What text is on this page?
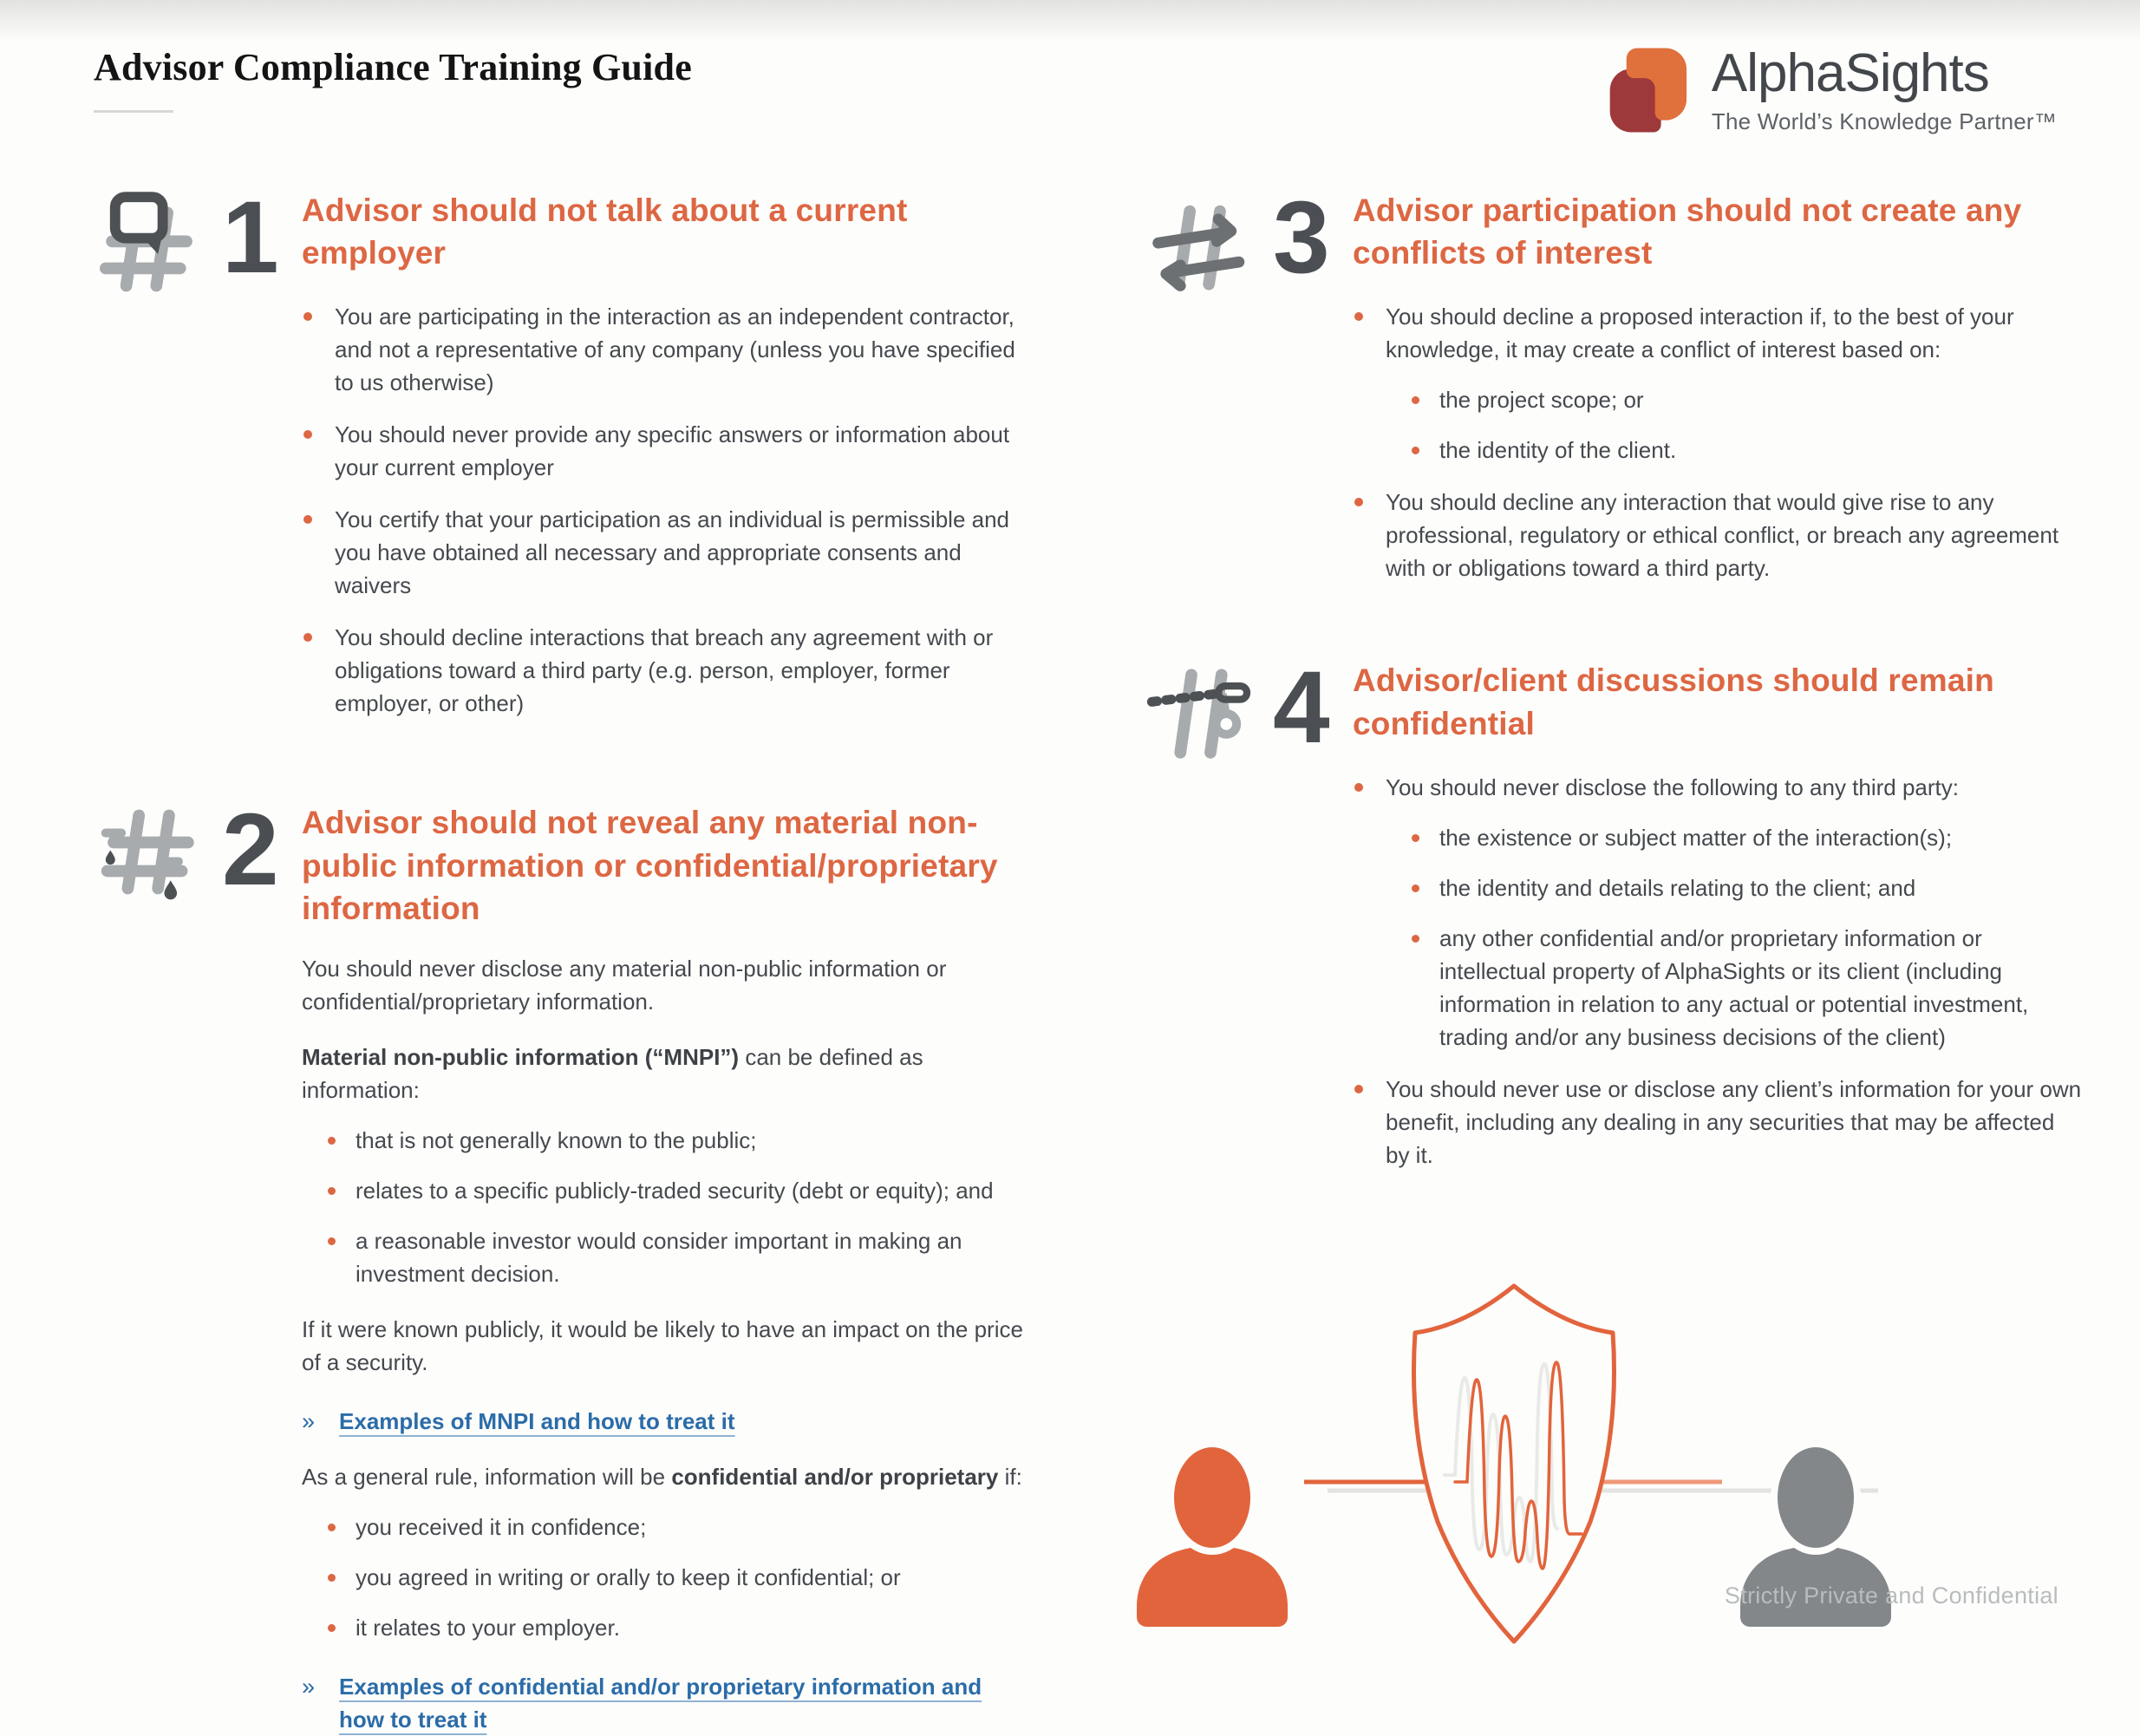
Advisor Compliance Training Guide	AlphaSights
The World’s Knowledge Partner™
1 Advisor should not talk about a current employer
You are participating in the interaction as an independent contractor, and not a representative of any company (unless you have specified to us otherwise)
You should never provide any specific answers or information about your current employer
You certify that your participation as an individual is permissible and you have obtained all necessary and appropriate consents and waivers
You should decline interactions that breach any agreement with or obligations toward a third party (e.g. person, employer, former employer, or other)
2 Advisor should not reveal any material non-public information or confidential/proprietary information

You should never disclose any material non-public information or confidential/proprietary information.

Material non-public information (“MNPI”) can be defined as information:

that is not generally known to the public;
relates to a specific publicly-traded security (debt or equity); and
a reasonable investor would consider important in making an investment decision.

If it were known publicly, it would be likely to have an impact on the price of a security.

» Examples of MNPI and how to treat it

As a general rule, information will be confidential and/or proprietary if:

you received it in confidence;
you agreed in writing or orally to keep it confidential; or
it relates to your employer.
» Examples of confidential and/or proprietary information and how to treat it
3 Advisor participation should not create any conflicts of interest
You should decline a proposed interaction if, to the best of your knowledge, it may create a conflict of interest based on:
the project scope; or
the identity of the client.
You should decline any interaction that would give rise to any professional, regulatory or ethical conflict, or breach any agreement with or obligations toward a third party.
4 Advisor/client discussions should remain confidential
You should never disclose the following to any third party:
the existence or subject matter of the interaction(s);
the identity and details relating to the client; and
any other confidential and/or proprietary information or intellectual property of AlphaSights or its client (including information in relation to any actual or potential investment, trading and/or any business decisions of the client)
You should never use or disclose any client’s information for your own benefit, including any dealing in any securities that may be affected by it.
Strictly Private and Confidential
